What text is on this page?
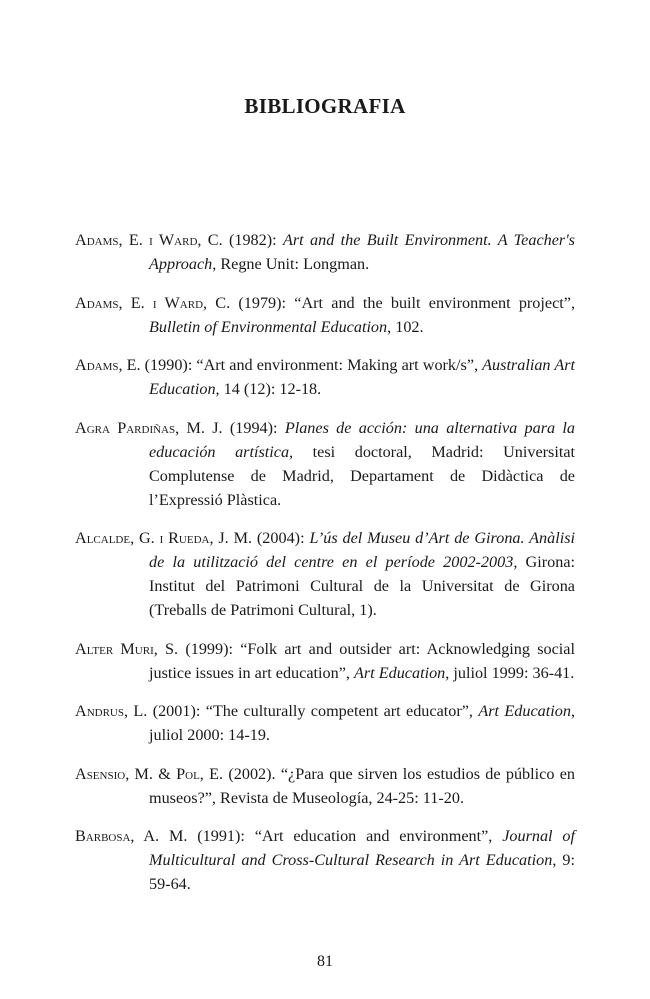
BIBLIOGRAFIA

Adams, E. i Ward, C. (1982): Art and the Built Environment. A Teacher's Approach, Regne Unit: Longman.

Adams, E. i Ward, C. (1979): “Art and the built environment project”, Bulletin of Environmental Education, 102.

Adams, E. (1990): “Art and environment: Making art work/s”, Australian Art Education, 14 (12): 12-18.

Agra Pardiñas, M. J. (1994): Planes de acción: una alternativa para la educación artística, tesi doctoral, Madrid: Universitat Complutense de Madrid, Departament de Didàctica de l’Expressió Plàstica.

Alcalde, G. i Rueda, J. M. (2004): L’ús del Museu d’Art de Girona. Anàlisi de la utilització del centre en el període 2002-2003, Girona: Institut del Patrimoni Cultural de la Universitat de Girona (Treballs de Patrimoni Cultural, 1).

Alter Muri, S. (1999): “Folk art and outsider art: Acknowledging social justice issues in art education”, Art Education, juliol 1999: 36-41.

Andrus, L. (2001): “The culturally competent art educator”, Art Education, juliol 2000: 14-19.

Asensio, M. & Pol, E. (2002). “¿Para que sirven los estudios de público en museos?”, Revista de Museología, 24-25: 11-20.

Barbosa, A. M. (1991): “Art education and environment”, Journal of Multicultural and Cross-Cultural Research in Art Education, 9: 59-64.

81
